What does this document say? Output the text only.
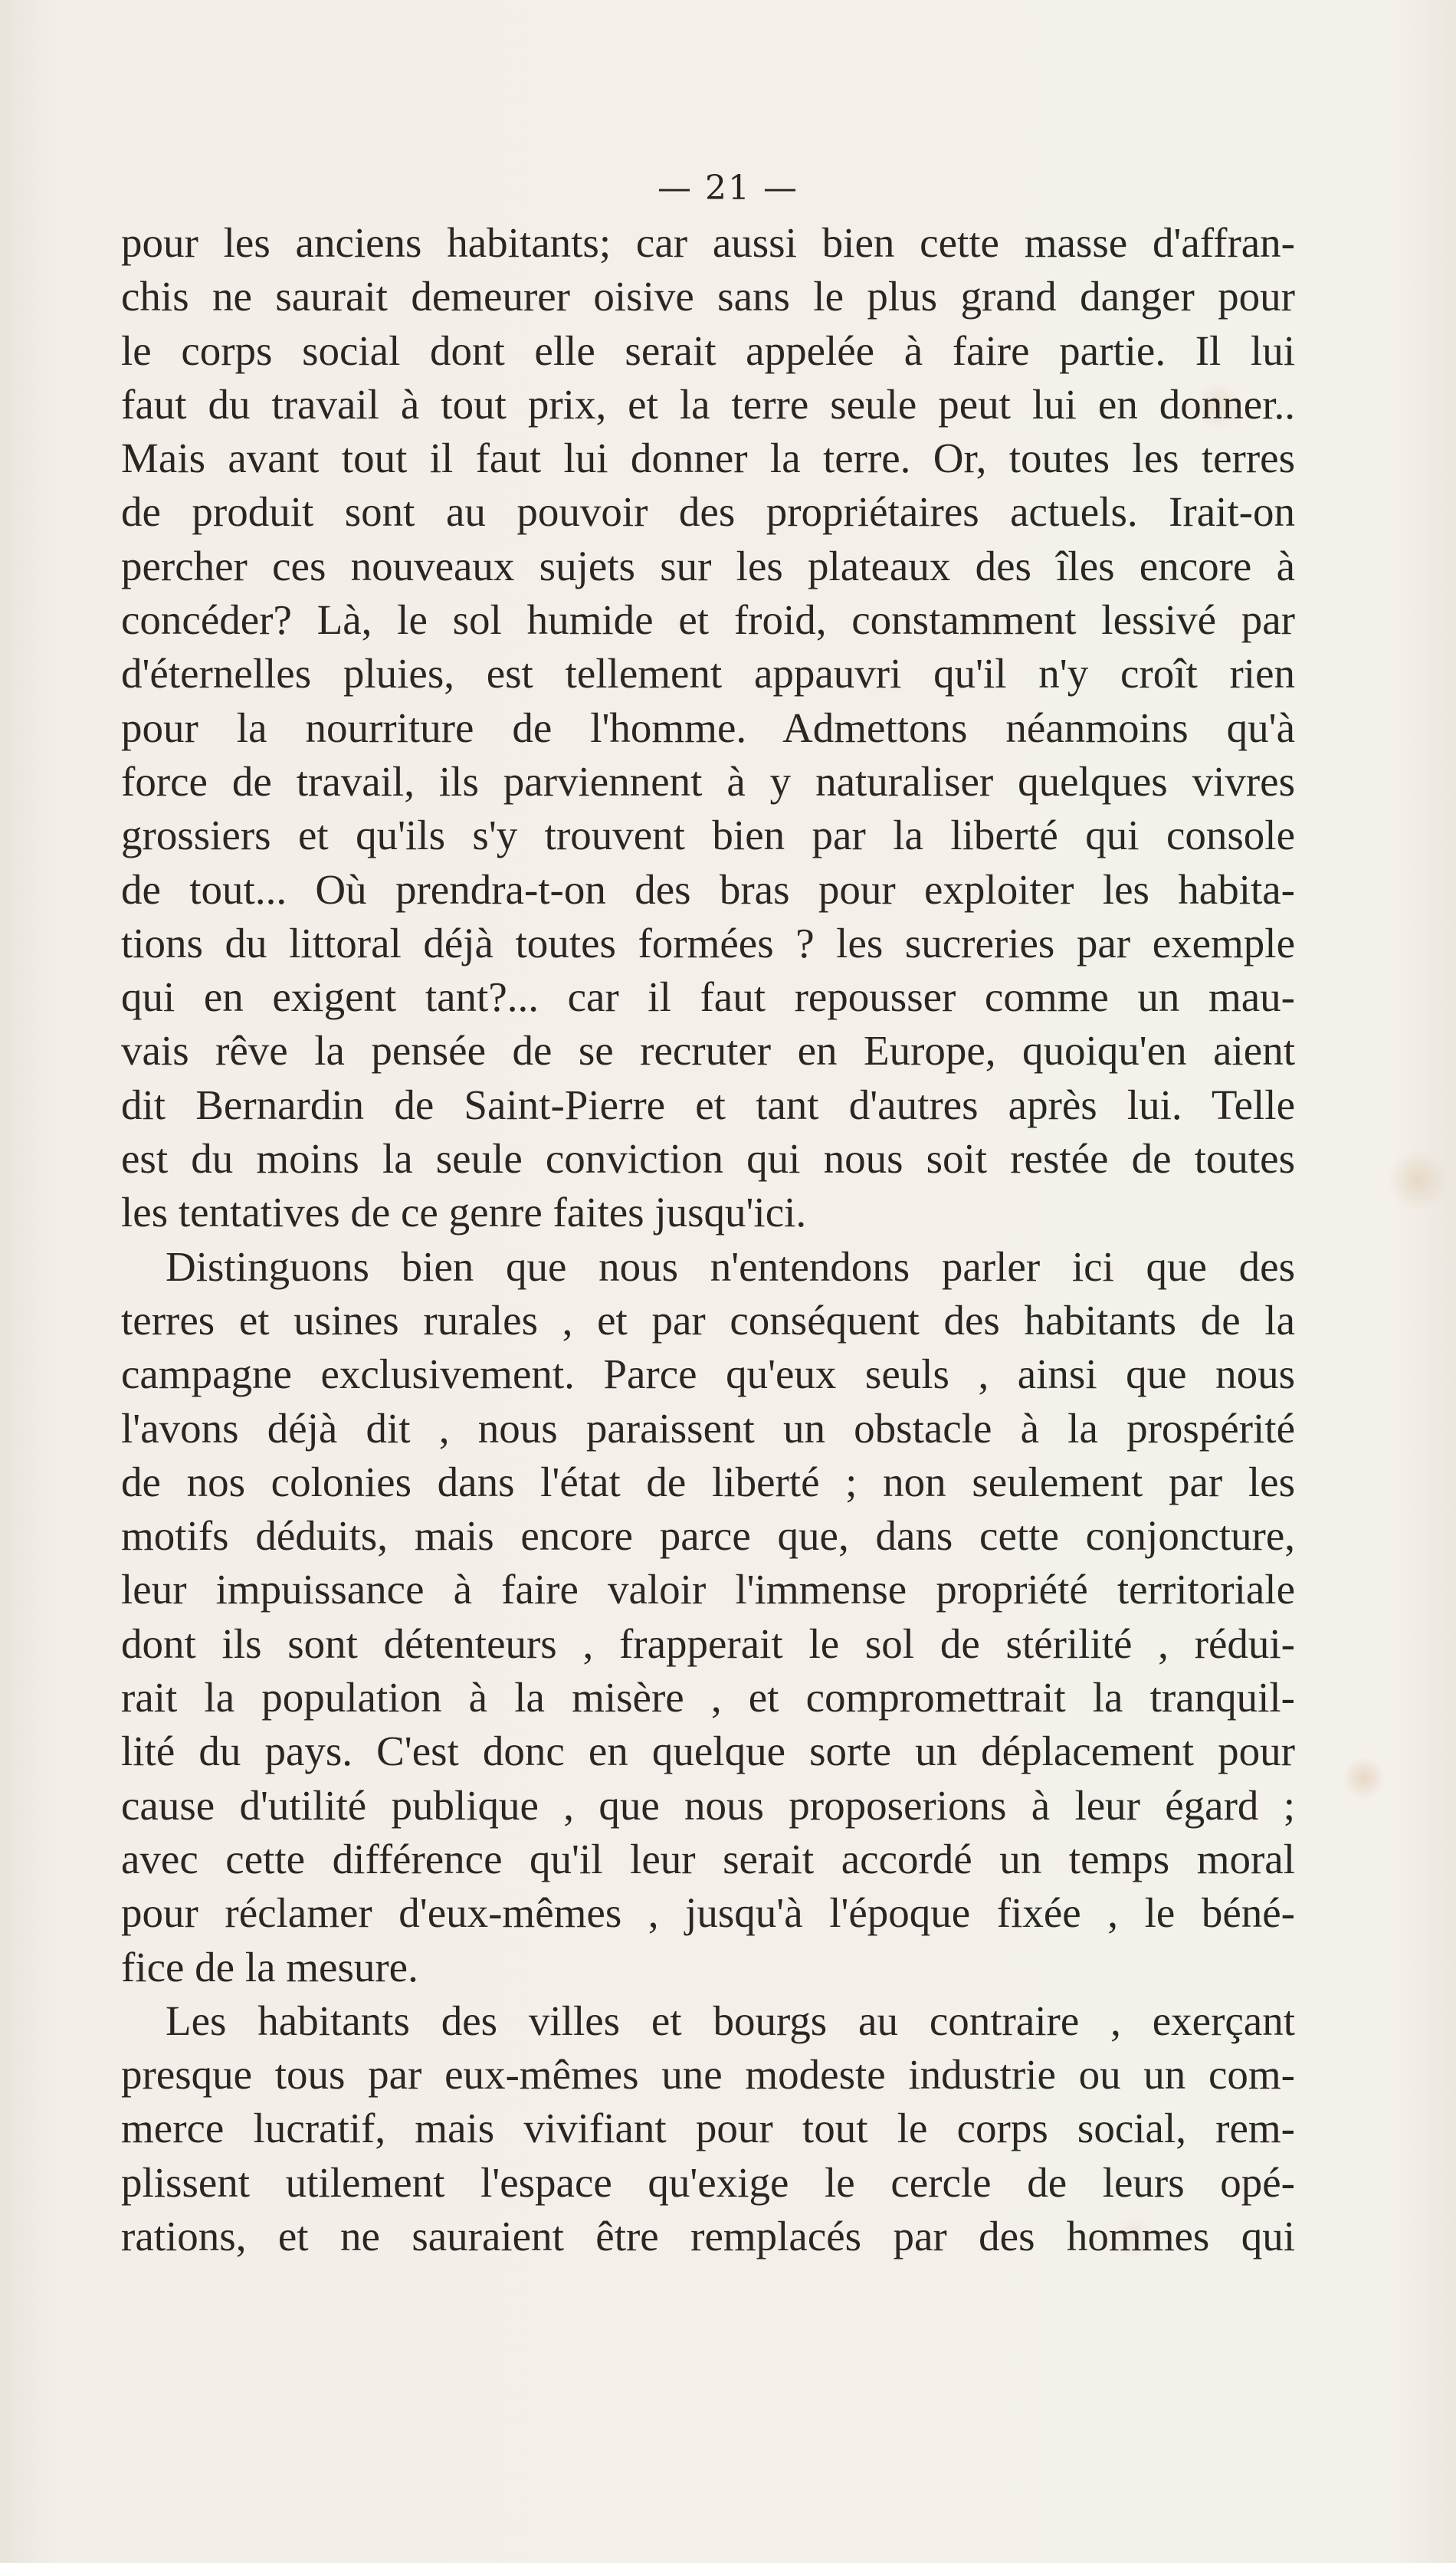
— 21 —

pour les anciens habitants; car aussi bien cette masse d'affran-
chis ne saurait demeurer oisive sans le plus grand danger pour
le corps social dont elle serait appelée à faire partie. Il lui
faut du travail à tout prix, et la terre seule peut lui en donner..
Mais avant tout il faut lui donner la terre. Or, toutes les terres
de produit sont au pouvoir des propriétaires actuels. Irait-on
percher ces nouveaux sujets sur les plateaux des îles encore à
concéder? Là, le sol humide et froid, constamment lessivé par
d'éternelles pluies, est tellement appauvri qu'il n'y croît rien
pour la nourriture de l'homme. Admettons néanmoins qu'à
force de travail, ils parviennent à y naturaliser quelques vivres
grossiers et qu'ils s'y trouvent bien par la liberté qui console
de tout... Où prendra-t-on des bras pour exploiter les habita-
tions du littoral déjà toutes formées ? les sucreries par exemple
qui en exigent tant?... car il faut repousser comme un mau-
vais rêve la pensée de se recruter en Europe, quoiqu'en aient
dit Bernardin de Saint-Pierre et tant d'autres après lui. Telle
est du moins la seule conviction qui nous soit restée de toutes
les tentatives de ce genre faites jusqu'ici.

Distinguons bien que nous n'entendons parler ici que des
terres et usines rurales , et par conséquent des habitants de la
campagne exclusivement. Parce qu'eux seuls , ainsi que nous
l'avons déjà dit , nous paraissent un obstacle à la prospérité
de nos colonies dans l'état de liberté ; non seulement par les
motifs déduits, mais encore parce que, dans cette conjoncture,
leur impuissance à faire valoir l'immense propriété territoriale
dont ils sont détenteurs , frapperait le sol de stérilité , rédui-
rait la population à la misère , et compromettrait la tranquil-
lité du pays. C'est donc en quelque sorte un déplacement pour
cause d'utilité publique , que nous proposerions à leur égard ;
avec cette différence qu'il leur serait accordé un temps moral
pour réclamer d'eux-mêmes , jusqu'à l'époque fixée , le béné-
fice de la mesure.

Les habitants des villes et bourgs au contraire , exerçant
presque tous par eux-mêmes une modeste industrie ou un com-
merce lucratif, mais vivifiant pour tout le corps social, rem-
plissent utilement l'espace qu'exige le cercle de leurs opé-
rations, et ne sauraient être remplacés par des hommes qui
